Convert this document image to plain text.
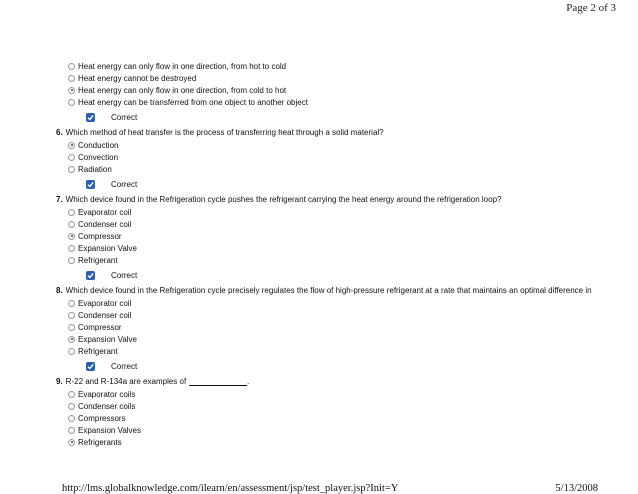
Page 2 of 3
Heat energy can only flow in one direction, from hot to cold
Heat energy cannot be destroyed
Heat energy can only flow in one direction, from cold to hot
Heat energy can be transferred from one object to another object
Correct
6. Which method of heat transfer is the process of transferring heat through a solid material?
Conduction
Convection
Radiation
Correct
7. Which device found in the Refrigeration cycle pushes the refrigerant carrying the heat energy around the refrigeration loop?
Evaporator coil
Condenser coil
Compressor
Expansion Valve
Refrigerant
Correct
8. Which device found in the Refrigeration cycle precisely regulates the flow of high-pressure refrigerant at a rate that maintains an optimal difference in
Evaporator coil
Condenser coil
Compressor
Expansion Valve
Refrigerant
Correct
9. R-22 and R-134a are examples of _____________ .
Evaporator coils
Condenser coils
Compressors
Expansion Valves
Refrigerants
http://lms.globalknowledge.com/ilearn/en/assessment/jsp/test_player.jsp?Init=Y	5/13/2008
